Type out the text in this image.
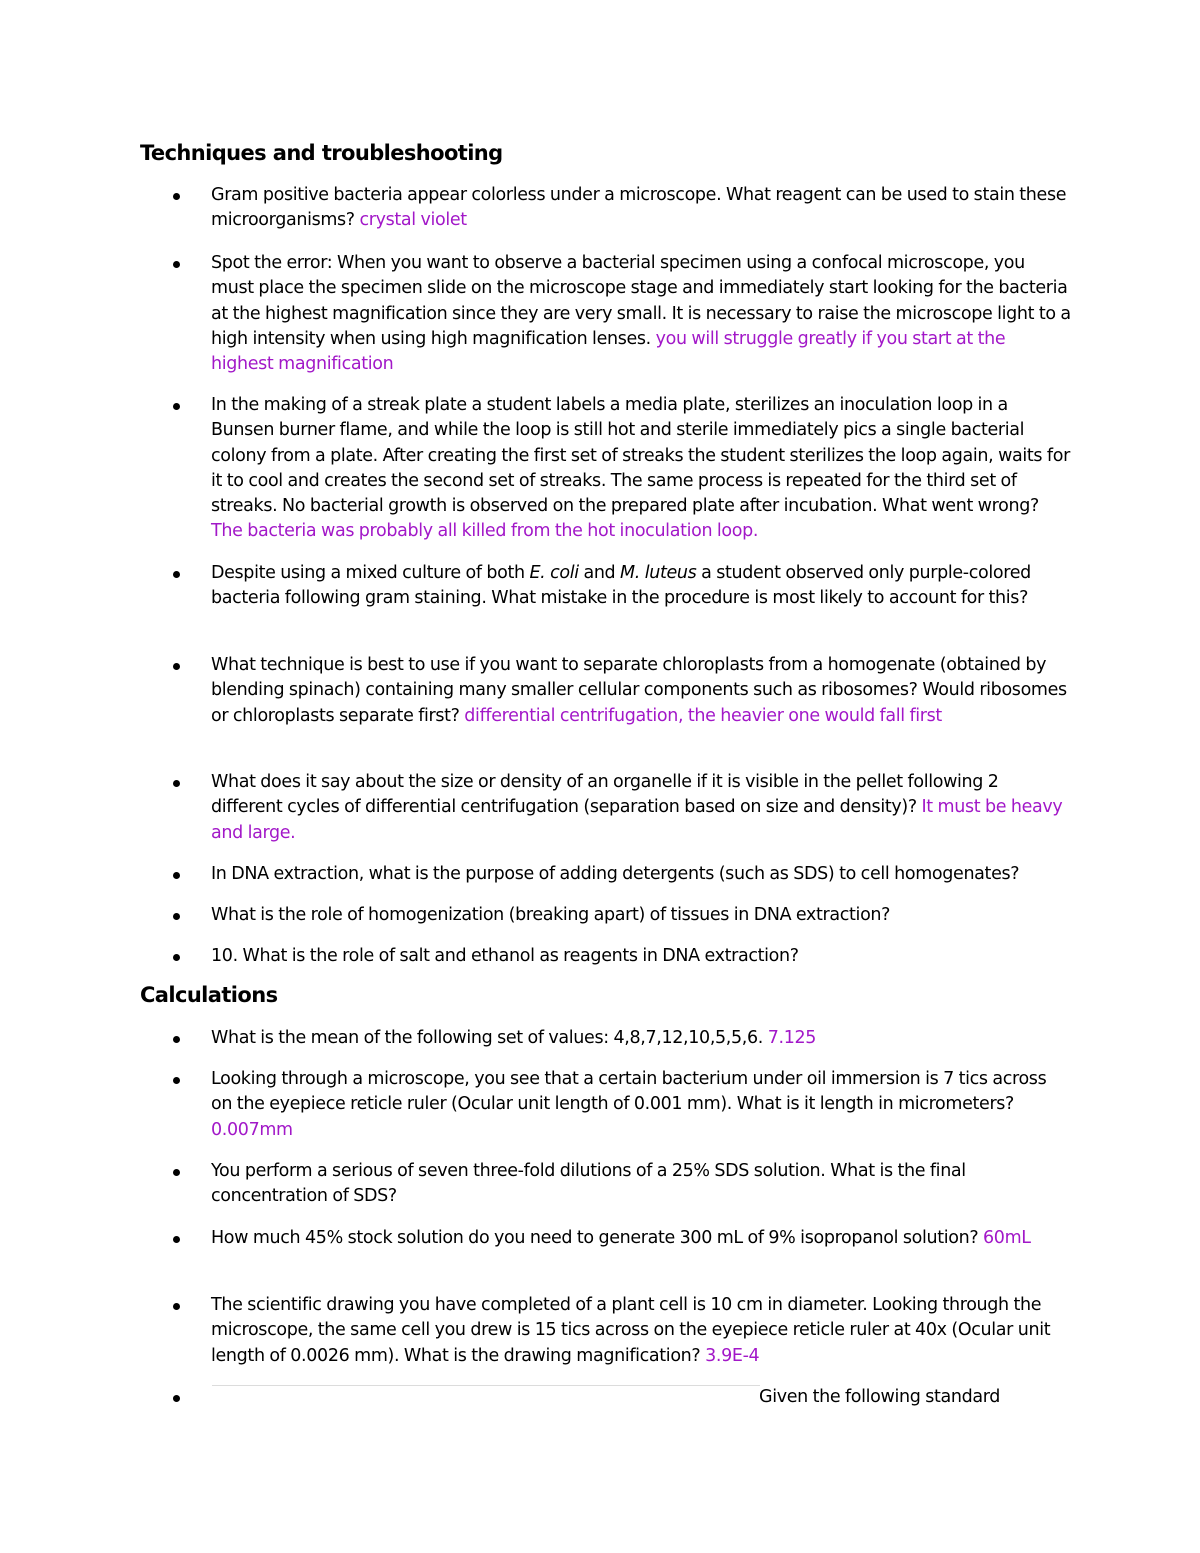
Techniques and troubleshooting
Gram positive bacteria appear colorless under a microscope. What reagent can be used to stain these microorganisms? crystal violet
Spot the error: When you want to observe a bacterial specimen using a confocal microscope, you must place the specimen slide on the microscope stage and immediately start looking for the bacteria at the highest magnification since they are very small. It is necessary to raise the microscope light to a high intensity when using high magnification lenses. you will struggle greatly if you start at the highest magnification
In the making of a streak plate a student labels a media plate, sterilizes an inoculation loop in a Bunsen burner flame, and while the loop is still hot and sterile immediately pics a single bacterial colony from a plate. After creating the first set of streaks the student sterilizes the loop again, waits for it to cool and creates the second set of streaks. The same process is repeated for the third set of streaks. No bacterial growth is observed on the prepared plate after incubation. What went wrong? The bacteria was probably all killed from the hot inoculation loop.
Despite using a mixed culture of both E. coli and M. luteus a student observed only purple-colored bacteria following gram staining. What mistake in the procedure is most likely to account for this?
What technique is best to use if you want to separate chloroplasts from a homogenate (obtained by blending spinach) containing many smaller cellular components such as ribosomes? Would ribosomes or chloroplasts separate first? differential centrifugation, the heavier one would fall first
What does it say about the size or density of an organelle if it is visible in the pellet following 2 different cycles of differential centrifugation (separation based on size and density)? It must be heavy and large.
In DNA extraction, what is the purpose of adding detergents (such as SDS) to cell homogenates?
What is the role of homogenization (breaking apart) of tissues in DNA extraction?
10. What is the role of salt and ethanol as reagents in DNA extraction?
Calculations
What is the mean of the following set of values: 4,8,7,12,10,5,5,6. 7.125
Looking through a microscope, you see that a certain bacterium under oil immersion is 7 tics across on the eyepiece reticle ruler (Ocular unit length of 0.001 mm). What is it length in micrometers? 0.007mm
You perform a serious of seven three-fold dilutions of a 25% SDS solution. What is the final concentration of SDS?
How much 45% stock solution do you need to generate 300 mL of 9% isopropanol solution? 60mL
The scientific drawing you have completed of a plant cell is 10 cm in diameter. Looking through the microscope, the same cell you drew is 15 tics across on the eyepiece reticle ruler at 40x (Ocular unit length of 0.0026 mm). What is the drawing magnification? 3.9E-4
Given the following standard
